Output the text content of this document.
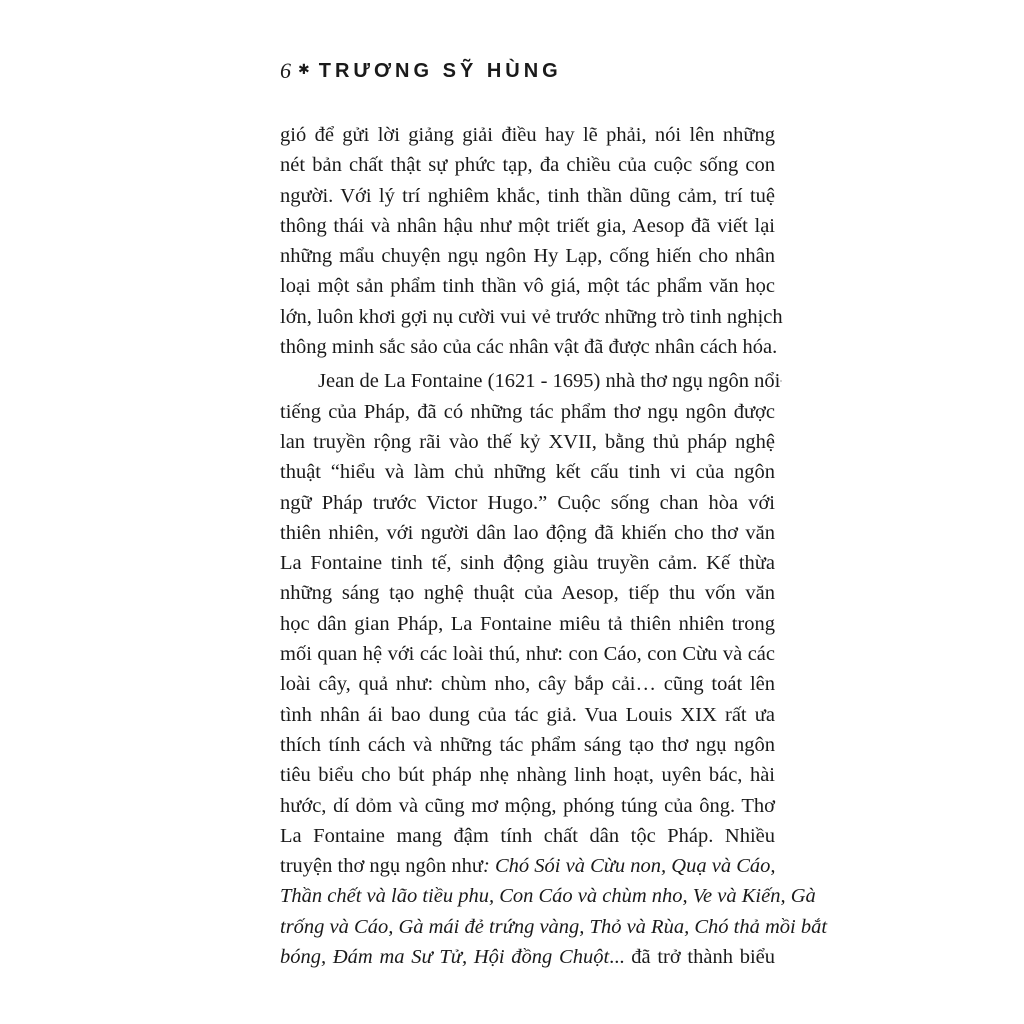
6 ✱ TRƯƠNG SỸ HÙNG
gió để gửi lời giảng giải điều hay lẽ phải, nói lên những
nét bản chất thật sự phức tạp, đa chiều của cuộc sống con
người. Với lý trí nghiêm khắc, tinh thần dũng cảm, trí tuệ
thông thái và nhân hậu như một triết gia, Aesop đã viết lại
những mẩu chuyện ngụ ngôn Hy Lạp, cống hiến cho nhân
loại một sản phẩm tinh thần vô giá, một tác phẩm văn học
lớn, luôn khơi gợi nụ cười vui vẻ trước những trò tinh nghịch
thông minh sắc sảo của các nhân vật đã được nhân cách hóa.
Jean de La Fontaine (1621 - 1695) nhà thơ ngụ ngôn nổi
tiếng của Pháp, đã có những tác phẩm thơ ngụ ngôn được
lan truyền rộng rãi vào thế kỷ XVII, bằng thủ pháp nghệ
thuật “hiểu và làm chủ những kết cấu tinh vi của ngôn
ngữ Pháp trước Victor Hugo.” Cuộc sống chan hòa với
thiên nhiên, với người dân lao động đã khiến cho thơ văn
La Fontaine tinh tế, sinh động giàu truyền cảm. Kế thừa
những sáng tạo nghệ thuật của Aesop, tiếp thu vốn văn
học dân gian Pháp, La Fontaine miêu tả thiên nhiên trong
mối quan hệ với các loài thú, như: con Cáo, con Cừu và các
loài cây, quả như: chùm nho, cây bắp cải… cũng toát lên
tình nhân ái bao dung của tác giả. Vua Louis XIX rất ưa
thích tính cách và những tác phẩm sáng tạo thơ ngụ ngôn
tiêu biểu cho bút pháp nhẹ nhàng linh hoạt, uyên bác, hài
hước, dí dỏm và cũng mơ mộng, phóng túng của ông. Thơ
La Fontaine mang đậm tính chất dân tộc Pháp. Nhiều
truyện thơ ngụ ngôn như: Chó Sói và Cừu non, Quạ và Cáo,
Thần chết và lão tiều phu, Con Cáo và chùm nho, Ve và Kiến, Gà
trống và Cáo, Gà mái đẻ trứng vàng, Thỏ và Rùa, Chó thả mồi bắt
bóng, Đám ma Sư Tử, Hội đồng Chuột... đã trở thành biểu
